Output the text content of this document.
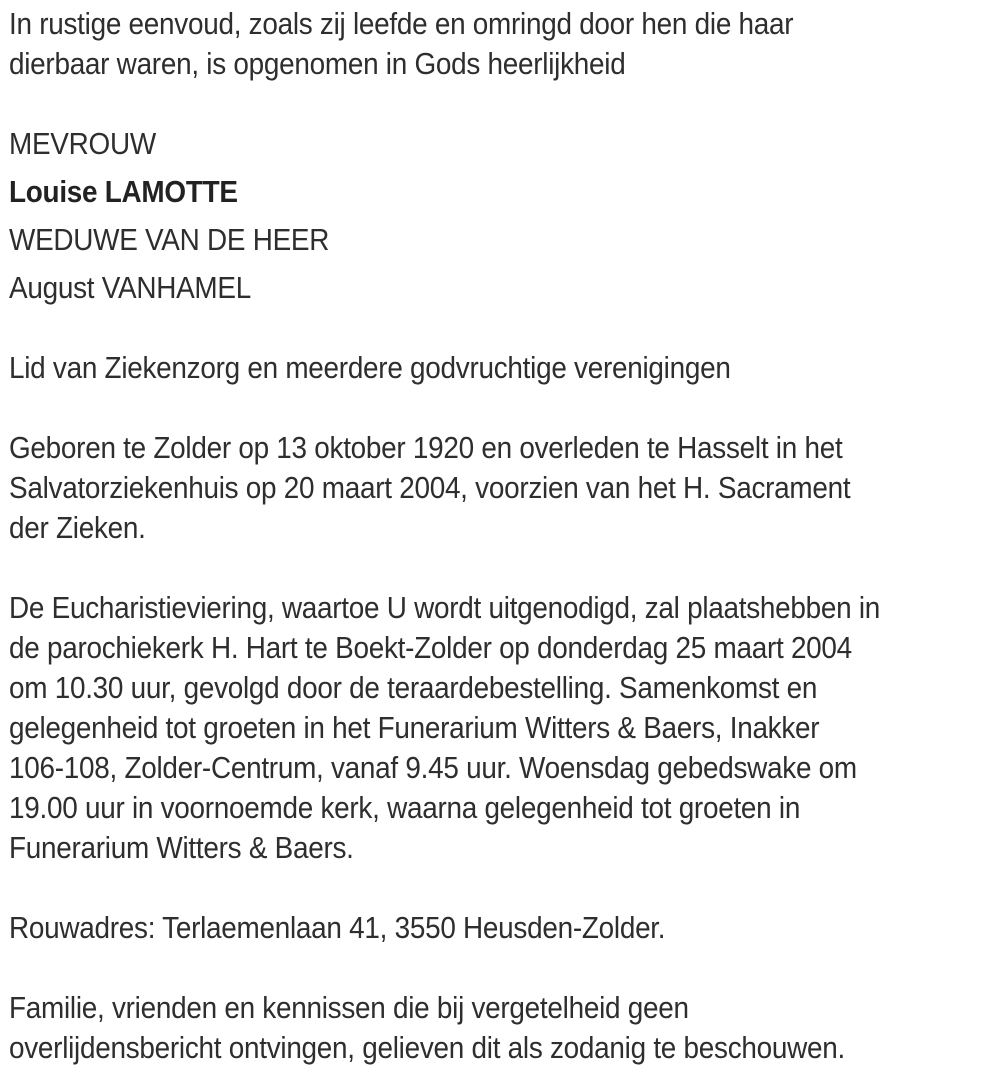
In rustige eenvoud, zoals zij leefde en omringd door hen die haar
dierbaar waren, is opgenomen in Gods heerlijkheid
MEVROUW
Louise LAMOTTE
WEDUWE VAN DE HEER
August VANHAMEL
Lid van Ziekenzorg en meerdere godvruchtige verenigingen
Geboren te Zolder op 13 oktober 1920 en overleden te Hasselt in het
Salvatorziekenhuis op 20 maart 2004, voorzien van het H. Sacrament
der Zieken.
De Eucharistieviering, waartoe U wordt uitgenodigd, zal plaatshebben in
de parochiekerk H. Hart te Boekt-Zolder op donderdag 25 maart 2004
om 10.30 uur, gevolgd door de teraardebestelling. Samenkomst en
gelegenheid tot groeten in het Funerarium Witters & Baers, Inakker
106-108, Zolder-Centrum, vanaf 9.45 uur. Woensdag gebedswake om
19.00 uur in voornoemde kerk, waarna gelegenheid tot groeten in
Funerarium Witters & Baers.
Rouwadres: Terlaemenlaan 41, 3550 Heusden-Zolder.
Familie, vrienden en kennissen die bij vergetelheid geen
overlijdensbericht ontvingen, gelieven dit als zodanig te beschouwen.
